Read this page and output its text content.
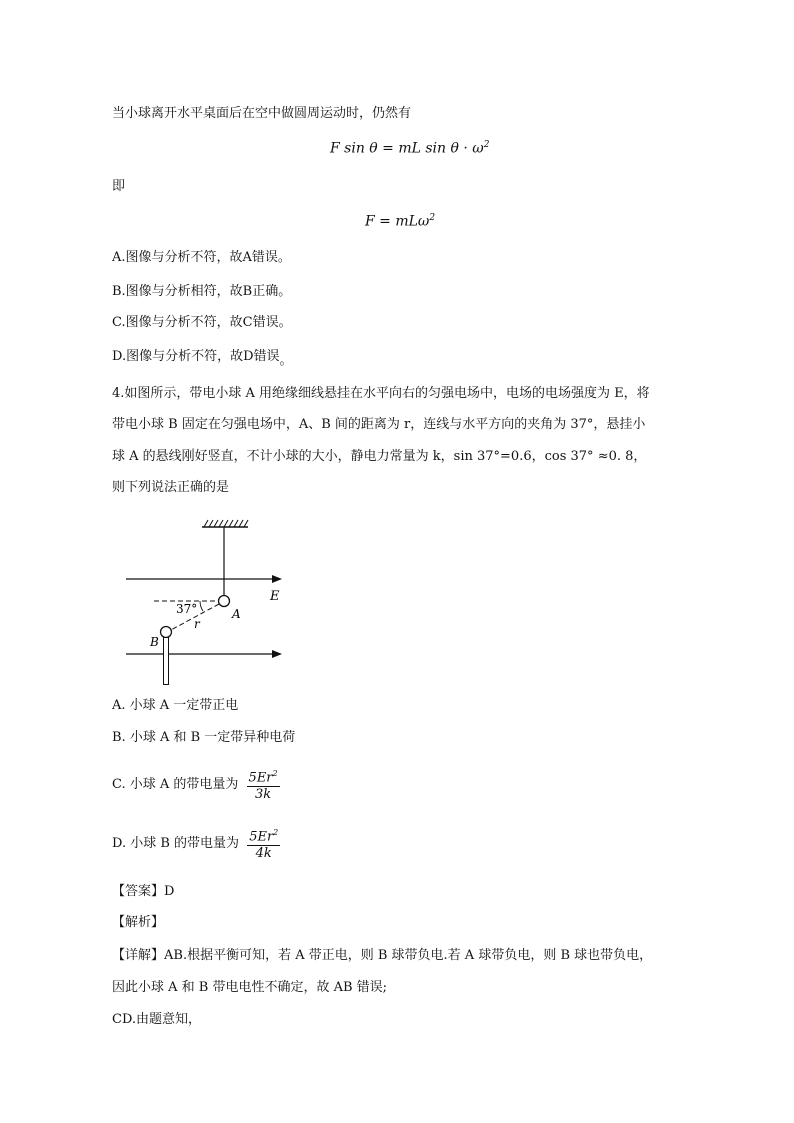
当小球离开水平桌面后在空中做圆周运动时，仍然有
F sin θ = mL $\sin \theta \cdot \omega^2$
即
F = mLω$^2$
A.图像与分析不符，故A错误。
B.图像与分析相符，故B正确。
C.图像与分析不符，故C错误。
D.图像与分析不符，故D错误。
4.如图所示，带电小球 A 用绝缘细线悬挂在水平向右的匀强电场中，电场的电场强度为 E，将
带电小球 B 固定在匀强电场中，A、B 间的距离为 r，连线与水平方向的夹角为 37°，悬挂小
球 A 的悬线刚好竖直，不计小球的大小，静电力常量为 k，sin 37°=0.6，cos 37° ≈0. 8，
则下列说法正确的是
E
37°	A
B
r
A. 小球 A 一定带正电
B. 小球 A 和 B 一定带异种电荷
C. 小球 A 的带电量为 $\frac{5Er^2}{3k}$
D. 小球 B 的带电量为 $\frac{5Er^2}{4k}$
【答案】D
【解析】
【详解】AB.根据平衡可知，若 A 带正电，则 B 球带负电.若 A 球带负电，则 B 球也带负电，
因此小球 A 和 B 带电电性不确定，故 AB 错误;
CD.由题意知，
